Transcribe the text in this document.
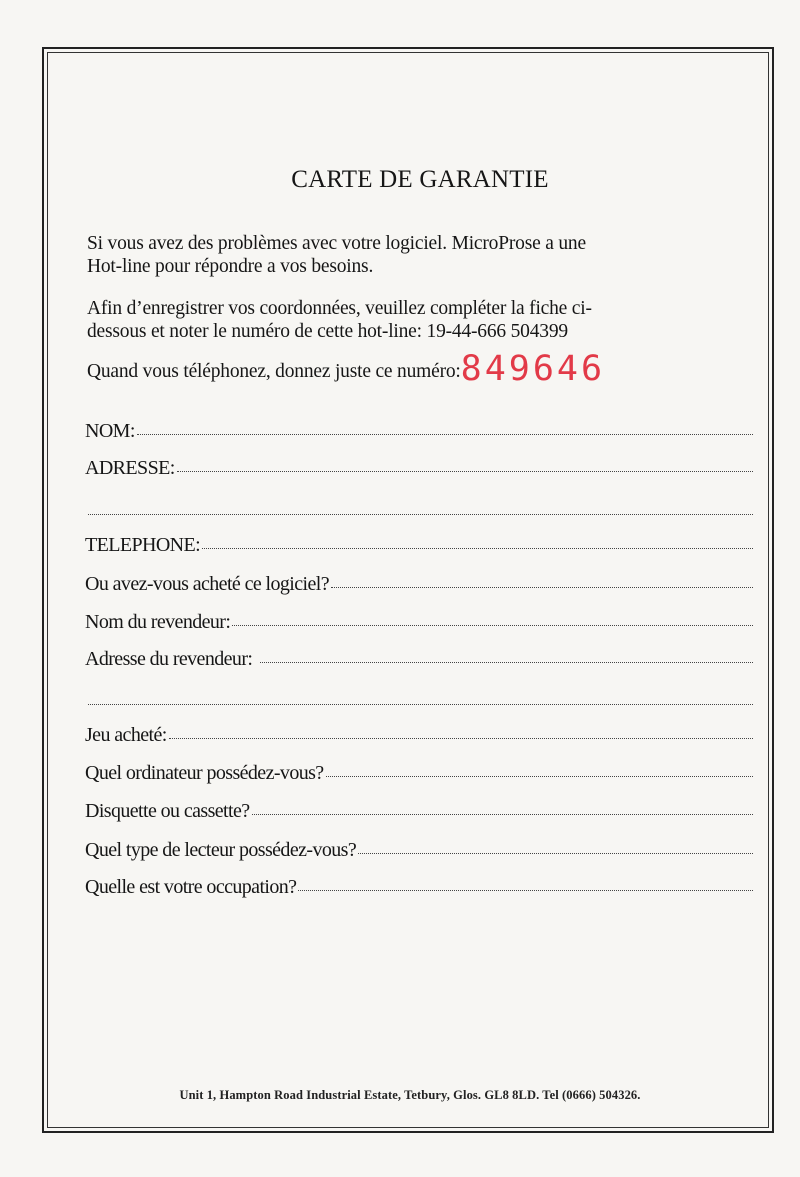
CARTE DE GARANTIE
Si vous avez des problèmes avec votre logiciel. MicroProse a une
Hot-line pour répondre a vos besoins.
Afin d’enregistrer vos coordonnées, veuillez compléter la fiche ci-
dessous et noter le numéro de cette hot-line: 19-44-666 504399
Quand vous téléphonez, donnez juste ce numéro:849646
NOM:
ADRESSE:
TELEPHONE:
Ou avez-vous acheté ce logiciel?
Nom du revendeur:
Adresse du revendeur:
Jeu acheté:
Quel ordinateur possédez-vous?
Disquette ou cassette?
Quel type de lecteur possédez-vous?
Quelle est votre occupation?
Unit 1, Hampton Road Industrial Estate, Tetbury, Glos. GL8 8LD. Tel (0666) 504326.
